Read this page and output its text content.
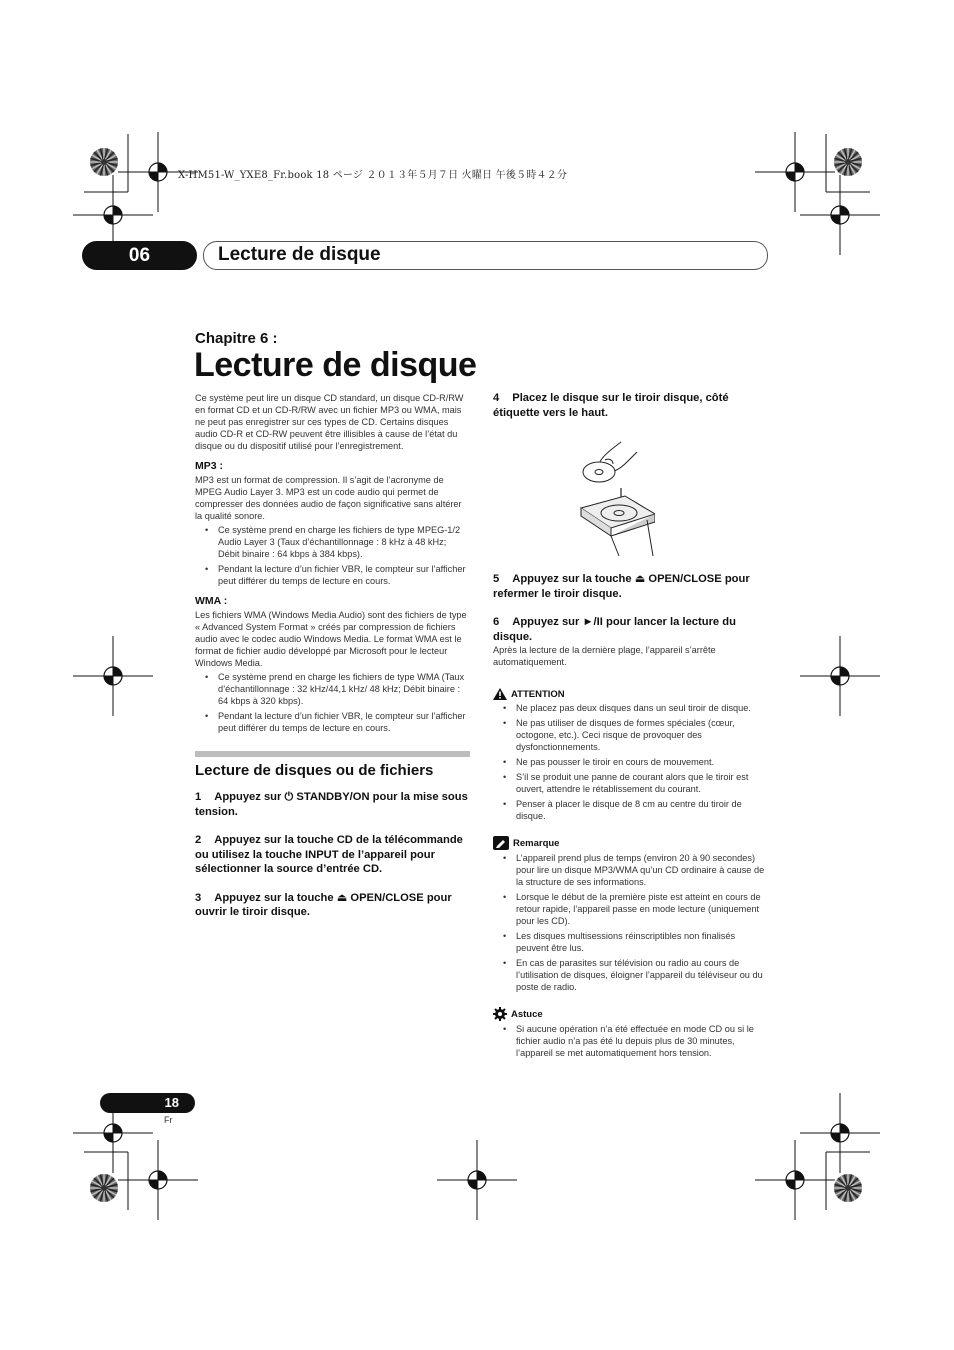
X-HM51-W_YXE8_Fr.book 18 ページ ２０１３年５月７日 火曜日 午後５時４２分
06	Lecture de disque
Chapitre 6 :
Lecture de disque

Ce système peut lire un disque CD standard, un disque CD-R/RW en format CD et un CD-R/RW avec un fichier MP3 ou WMA, mais ne peut pas enregistrer sur ces types de CD. Certains disques audio CD-R et CD-RW peuvent être illisibles à cause de l’état du disque ou du dispositif utilisé pour l’enregistrement.

MP3 :

MP3 est un format de compression. Il s’agit de l’acronyme de MPEG Audio Layer 3. MP3 est un code audio qui permet de compresser des données audio de façon significative sans altérer la qualité sonore.

• Ce système prend en charge les fichiers de type MPEG-1/2 Audio Layer 3 (Taux d’échantillonnage : 8 kHz à 48 kHz; Débit binaire : 64 kbps à 384 kbps).
• Pendant la lecture d’un fichier VBR, le compteur sur l’afficher peut différer du temps de lecture en cours.

WMA :

Les fichiers WMA (Windows Media Audio) sont des fichiers de type « Advanced System Format » créés par compression de fichiers audio avec le codec audio Windows Media. Le format WMA est le format de fichier audio développé par Microsoft pour le lecteur Windows Media.

• Ce système prend en charge les fichiers de type WMA (Taux d’échantillonnage : 32 kHz/44,1 kHz/ 48 kHz; Débit binaire : 64 kbps à 320 kbps).
• Pendant la lecture d’un fichier VBR, le compteur sur l’afficher peut différer du temps de lecture en cours.
Lecture de disques ou de fichiers

1 Appuyez sur ⏻ STANDBY/ON pour la mise sous tension.

2 Appuyez sur la touche CD de la télécommande ou utilisez la touche INPUT de l’appareil pour sélectionner la source d’entrée CD.

3 Appuyez sur la touche ⏏ OPEN/CLOSE pour ouvrir le tiroir disque.

4 Placez le disque sur le tiroir disque, côté étiquette vers le haut.

5 Appuyez sur la touche ⏏ OPEN/CLOSE pour refermer le tiroir disque.

6 Appuyez sur ►/II pour lancer la lecture du disque.

Après la lecture de la dernière plage, l’appareil s’arrête automatiquement.

ATTENTION
• Ne placez pas deux disques dans un seul tiroir de disque.
• Ne pas utiliser de disques de formes spéciales (cœur, octogone, etc.). Ceci risque de provoquer des dysfonctionnements.
• Ne pas pousser le tiroir en cours de mouvement.
• S’il se produit une panne de courant alors que le tiroir est ouvert, attendre le rétablissement du courant.
• Penser à placer le disque de 8 cm au centre du tiroir de disque.
Remarque
• L’appareil prend plus de temps (environ 20 à 90 secondes) pour lire un disque MP3/WMA qu’un CD ordinaire à cause de la structure de ses informations.
• Lorsque le début de la première piste est atteint en cours de retour rapide, l’appareil passe en mode lecture (uniquement pour les CD).
• Les disques multisessions réinscriptibles non finalisés peuvent être lus.
• En cas de parasites sur télévision ou radio au cours de l’utilisation de disques, éloigner l’appareil du téléviseur ou du poste de radio.
Astuce
• Si aucune opération n’a été effectuée en mode CD ou si le fichier audio n’a pas été lu depuis plus de 30 minutes, l’appareil se met automatiquement hors tension.
18
Fr
